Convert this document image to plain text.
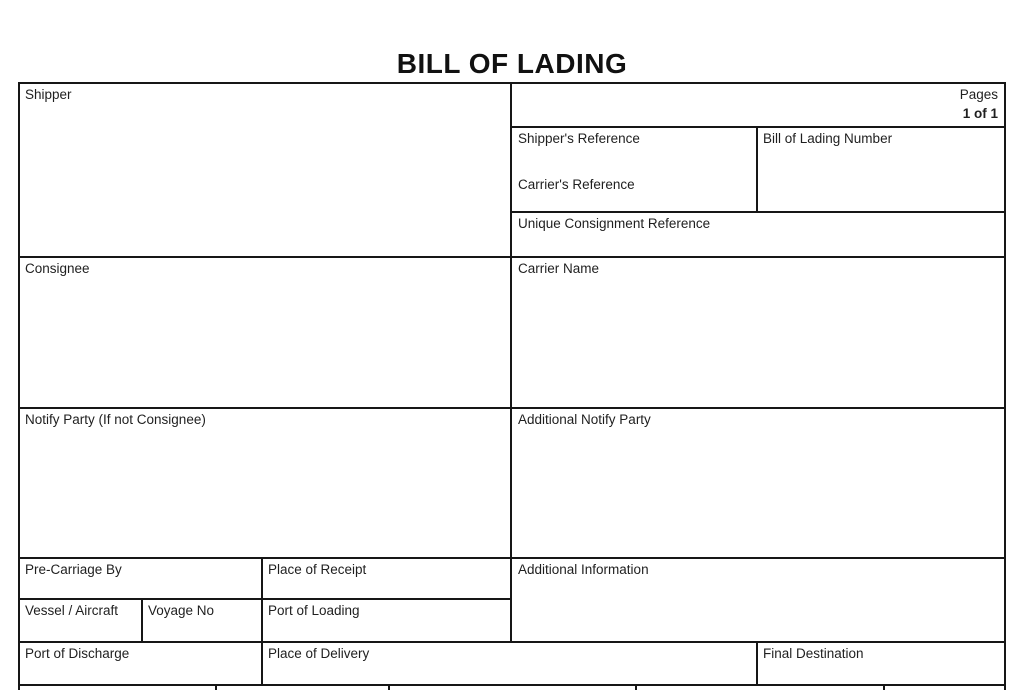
BILL OF LADING
Shipper	Pages
1 of 1
Shipper's Reference
Carrier's Reference
Bill of Lading Number
Unique Consignment Reference
Consignee	Carrier Name
Notify Party (If not Consignee)	Additional Notify Party
Pre-Carriage By	Place of Receipt	Additional Information
Vessel / Aircraft	Voyage No	Port of Loading
Port of Discharge	Place of Delivery	Final Destination
